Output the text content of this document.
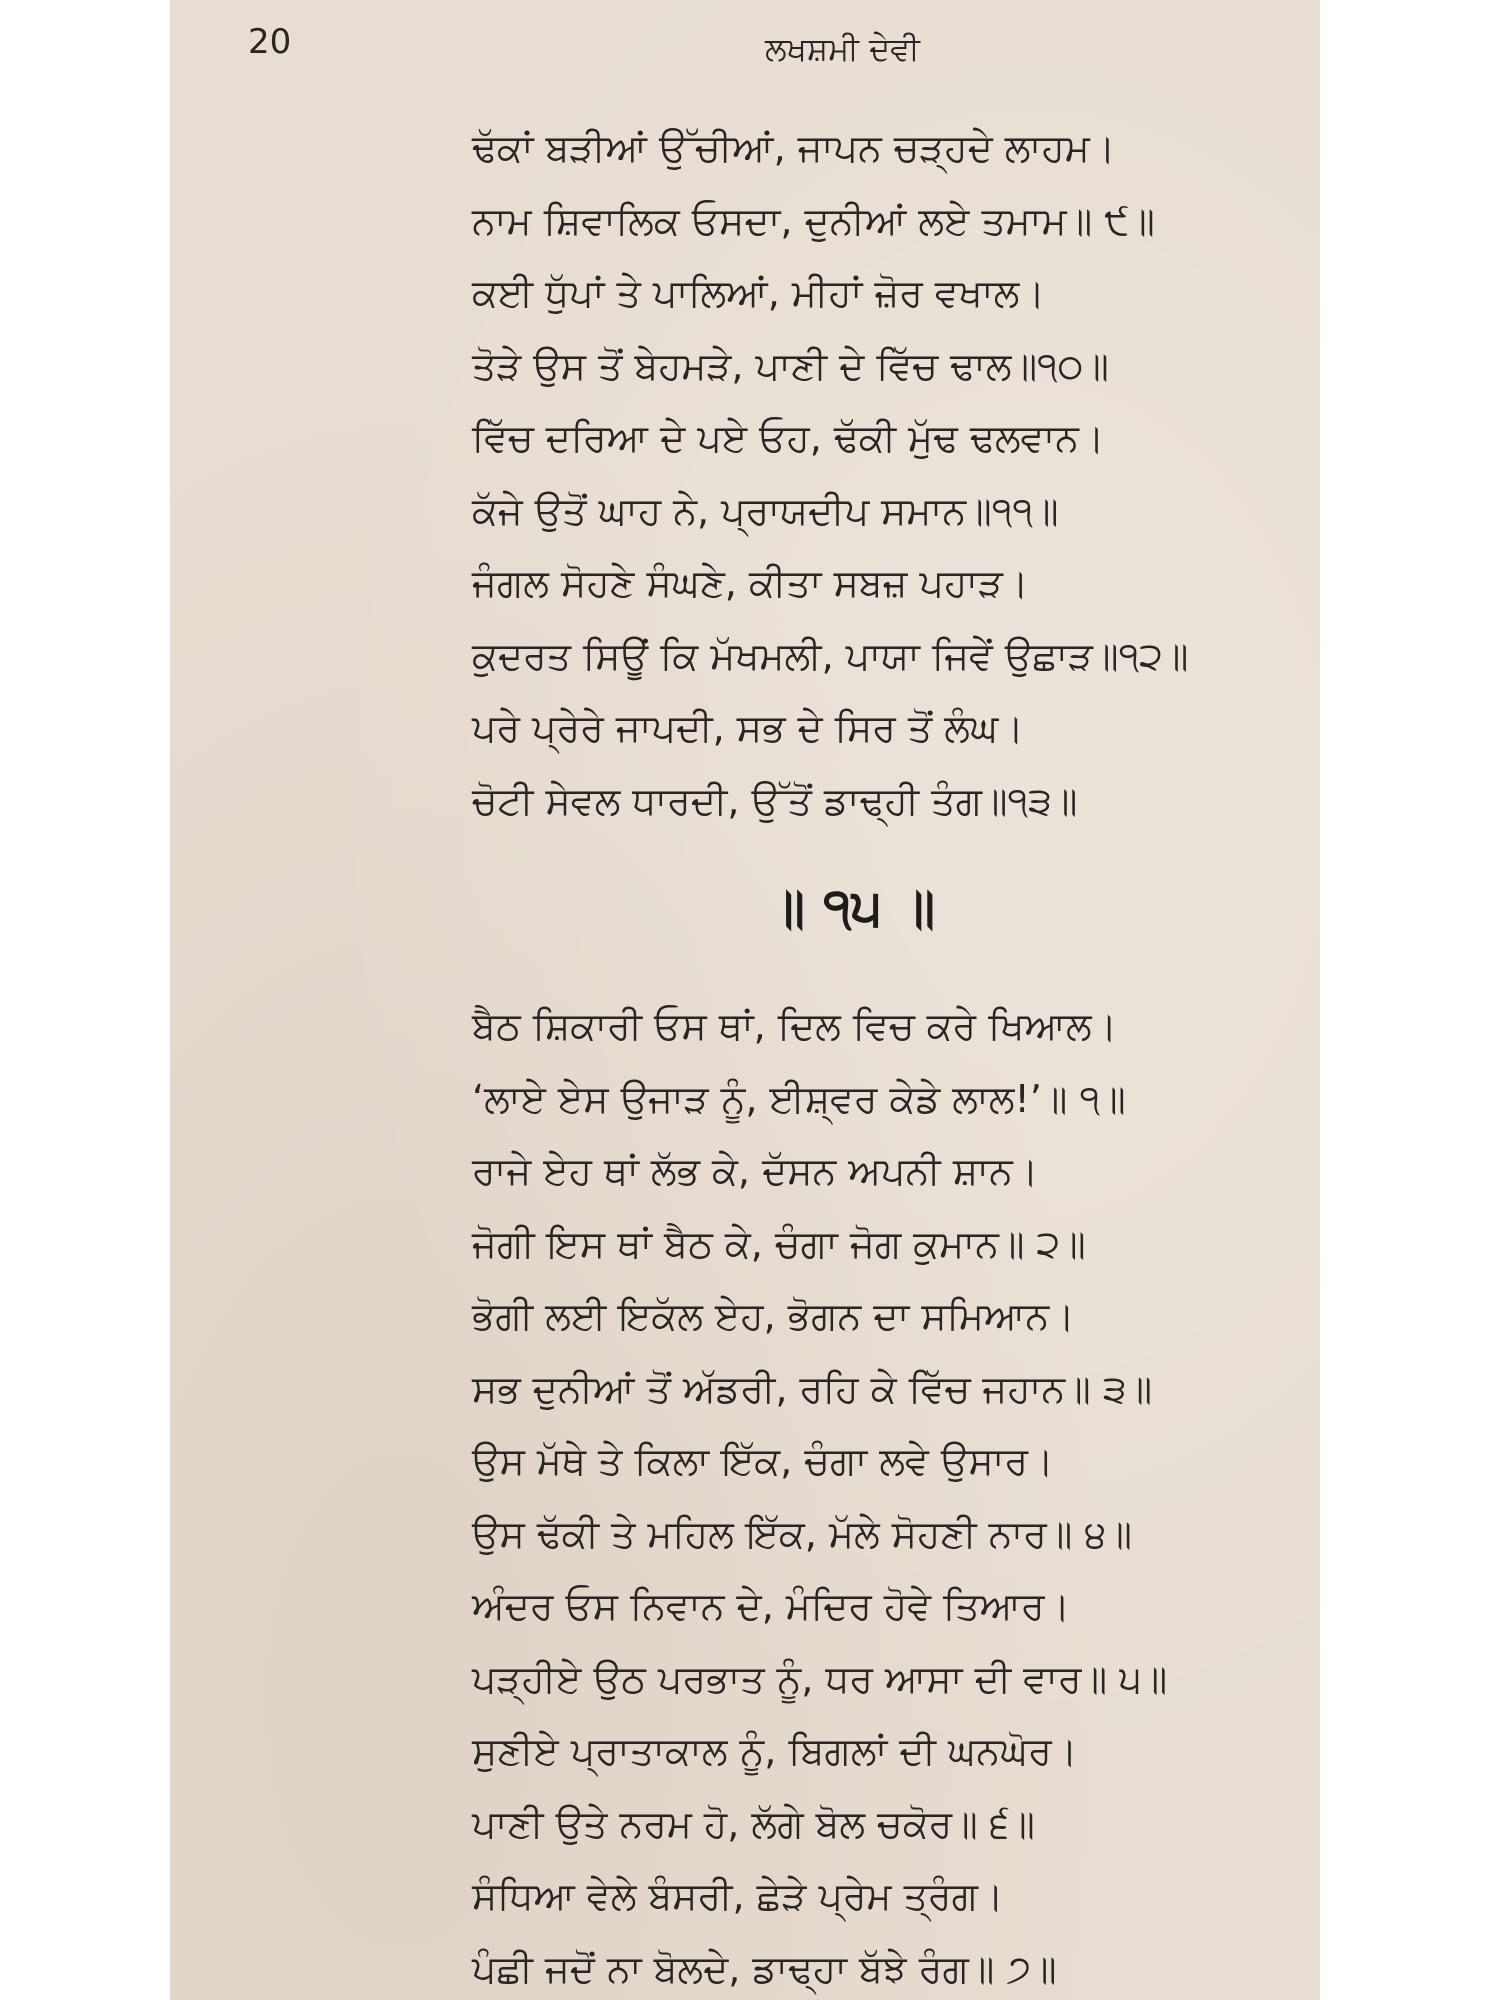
20	ਲਖਸ਼ਮੀ ਦੇਵੀ
ਢੱਕਾਂ ਬੜੀਆਂ ਉੱਚੀਆਂ, ਜਾਪਨ ਚੜ੍ਹਦੇ ਲਾਹਮ।
ਨਾਮ ਸ਼ਿਵਾਲਿਕ ਓਸਦਾ, ਦੁਨੀਆਂ ਲਏ ਤਮਾਮ॥ ੯॥
ਕਈ ਧੁੱਪਾਂ ਤੇ ਪਾਲਿਆਂ, ਮੀਹਾਂ ਜ਼ੋਰ ਵਖਾਲ।
ਤੋੜੇ ਉਸ ਤੋਂ ਬੇਹਮੜੇ, ਪਾਣੀ ਦੇ ਵਿੱਚ ਢਾਲ॥੧੦॥
ਵਿੱਚ ਦਰਿਆ ਦੇ ਪਏ ਓਹ, ਢੱਕੀ ਮੁੱਢ ਢਲਵਾਨ।
ਕੱਜੇ ਉਤੋਂ ਘਾਹ ਨੇ, ਪ੍ਰਾਯਦੀਪ ਸਮਾਨ॥੧੧॥
ਜੰਗਲ ਸੋਹਣੇ ਸੰਘਣੇ, ਕੀਤਾ ਸਬਜ਼ ਪਹਾੜ।
ਕੁਦਰਤ ਸਿਊਂ ਕਿ ਮੱਖਮਲੀ, ਪਾਯਾ ਜਿਵੇਂ ਉਛਾੜ॥੧੨॥
ਪਰੇ ਪ੍ਰੇਰੇ ਜਾਪਦੀ, ਸਭ ਦੇ ਸਿਰ ਤੋਂ ਲੰਘ।
ਚੋਟੀ ਸੇਵਲ ਧਾਰਦੀ, ਉੱਤੋਂ ਡਾਢ੍ਹੀ ਤੰਗ॥੧੩॥
॥ ੧੫ ॥
ਬੈਠ ਸ਼ਿਕਾਰੀ ਓਸ ਥਾਂ, ਦਿਲ ਵਿਚ ਕਰੇ ਖਿਆਲ।
‘ਲਾਏ ਏਸ ਉਜਾੜ ਨੂੰ, ਈਸ਼੍ਵਰ ਕੇਡੇ ਲਾਲ!’॥ ੧॥
ਰਾਜੇ ਏਹ ਥਾਂ ਲੱਭ ਕੇ, ਦੱਸਨ ਅਪਨੀ ਸ਼ਾਨ।
ਜੋਗੀ ਇਸ ਥਾਂ ਬੈਠ ਕੇ, ਚੰਗਾ ਜੋਗ ਕੁਮਾਨ॥ ੨॥
ਭੋਗੀ ਲਈ ਇਕੱਲ ਏਹ, ਭੋਗਨ ਦਾ ਸਮਿਆਨ।
ਸਭ ਦੁਨੀਆਂ ਤੋਂ ਅੱਡਰੀ, ਰਹਿ ਕੇ ਵਿੱਚ ਜਹਾਨ॥ ੩॥
ਉਸ ਮੱਥੇ ਤੇ ਕਿਲਾ ਇੱਕ, ਚੰਗਾ ਲਵੇ ਉਸਾਰ।
ਉਸ ਢੱਕੀ ਤੇ ਮਹਿਲ ਇੱਕ, ਮੱਲੇ ਸੋਹਣੀ ਨਾਰ॥ ੪॥
ਅੰਦਰ ਓਸ ਨਿਵਾਨ ਦੇ, ਮੰਦਿਰ ਹੋਵੇ ਤਿਆਰ।
ਪੜ੍ਹੀਏ ਉਠ ਪਰਭਾਤ ਨੂੰ, ਧਰ ਆਸਾ ਦੀ ਵਾਰ॥ ੫॥
ਸੁਣੀਏ ਪ੍ਰਾਤਾਕਾਲ ਨੂੰ, ਬਿਗਲਾਂ ਦੀ ਘਨਘੋਰ।
ਪਾਣੀ ਉਤੇ ਨਰਮ ਹੋ, ਲੱਗੇ ਬੋਲ ਚਕੋਰ॥ ੬॥
ਸੰਧਿਆ ਵੇਲੇ ਬੰਸਰੀ, ਛੇੜੇ ਪ੍ਰੇਮ ਤ੍ਰੰਗ।
ਪੰਛੀ ਜਦੋਂ ਨਾ ਬੋਲਦੇ, ਡਾਢ੍ਹਾ ਬੱਝੇ ਰੰਗ॥ ੭॥
